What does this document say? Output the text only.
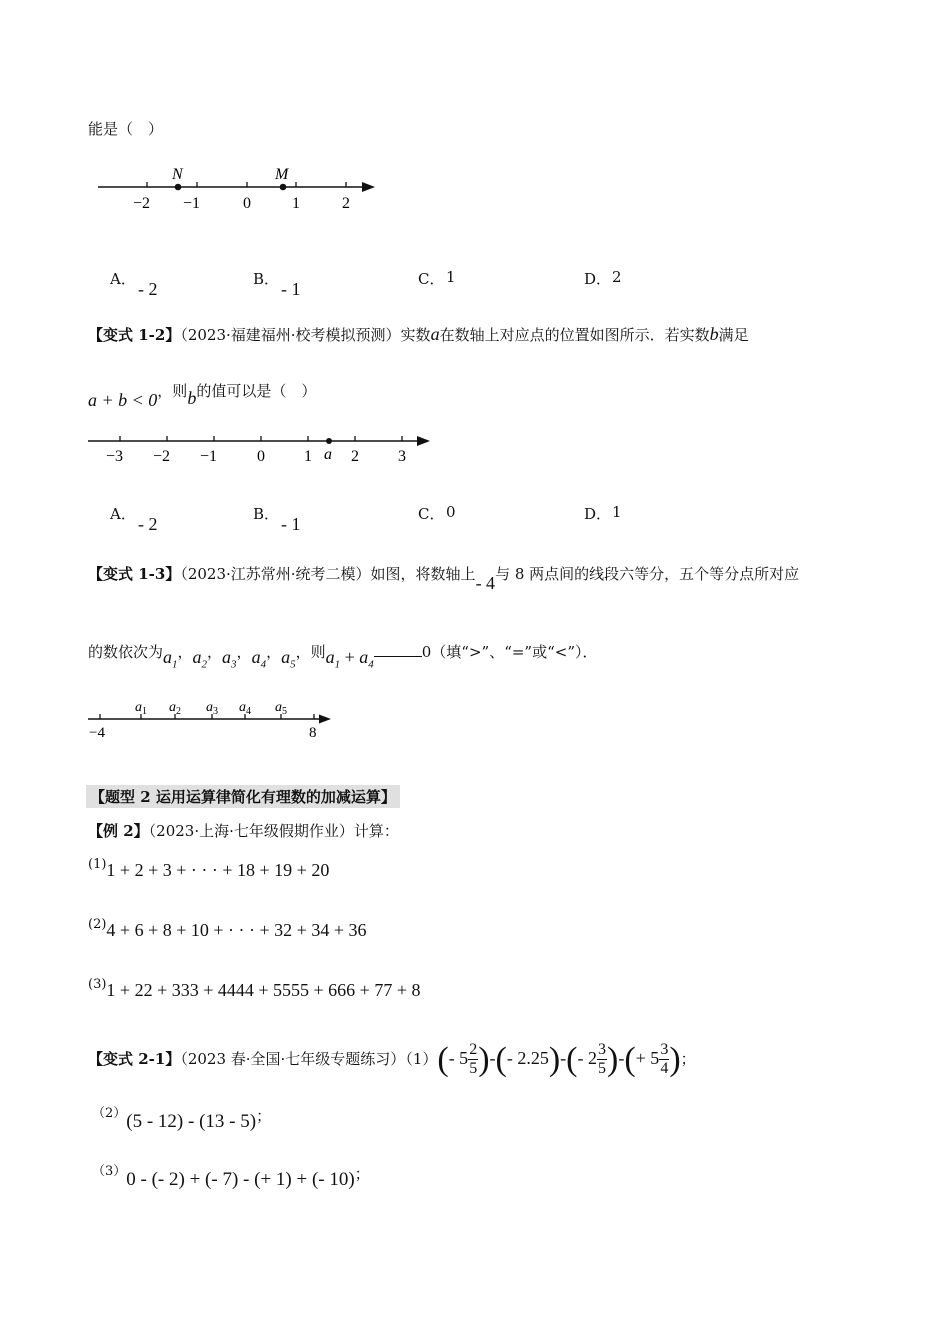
能是（　）
N	M
−2 −1	0	1	2
A． - 2	B． - 1	C． 1	D． 2
【变式 1-2】（2023·福建福州·校考模拟预测）实数a在数轴上对应点的位置如图所示．若实数b满足
a + b < 0，则b的值可以是（　）
−3 −2 −1 0 1 2 3
a
A． - 2	B． - 1	C． 0	D． 1
【变式 1-3】（2023·江苏常州·统考二模）如图，将数轴上- 4与 8 两点间的线段六等分，五个等分点所对应
的数依次为$a_1$，$a_2$，$a_3$，$a_4$，$a_5$，则$a_1 + a_40$（填“>”、“=”或“<”）．
$a_1$ $a_2$ $a_3$ $a_4$ $a_5$
−4	8
【题型 2 运用运算律简化有理数的加减运算】
【例 2】（2023·上海·七年级假期作业）计算：
(1)1 + 2 + 3 + · · · + 18 + 19 + 20
(2)4 + 6 + 8 + 10 + · · · + 32 + 34 + 36
(3)1 + 22 + 333 + 4444 + 5555 + 666 + 77 + 8
【变式 2-1】（2023 春·全国·七年级专题练习）（1）(- $5 \frac{2}{5}$ )-(- 2.25)-(- $2 \frac{3}{5}$ )-(+ $5 \frac{3}{4}$ )；
（2）(5 - 12) - (13 - 5)；
（3）0 - (- 2) + (- 7) - (+ 1) + (- 10)；
